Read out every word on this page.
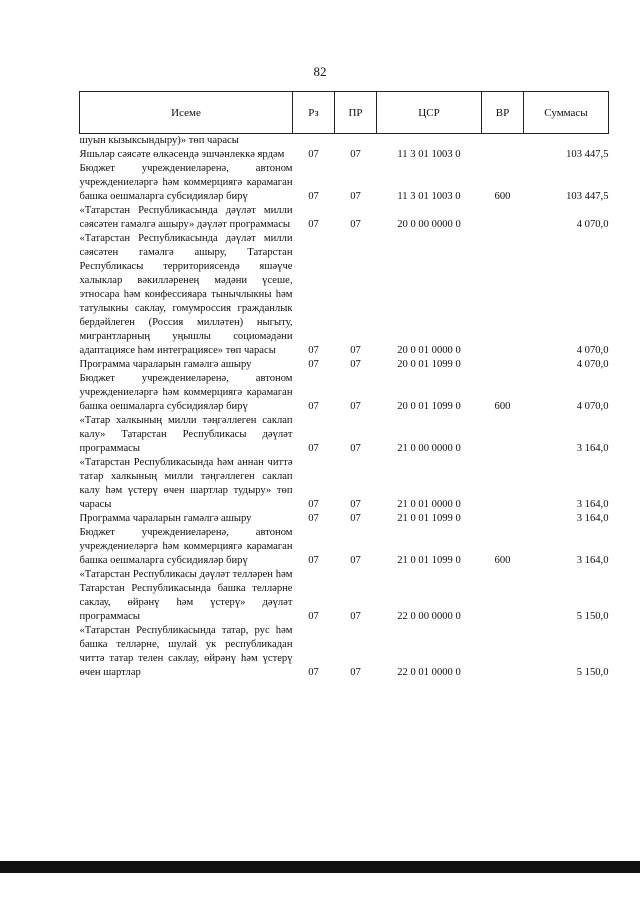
82
Исеме	Рз	ПР	ЦСР	ВР	Суммасы
шуын кызыксындыру)» төп чарасы					
Яшьләр сәясәте өлкәсендә эшчәнлеккә ярдәм	07	07	11 3 01 1003 0		103 447,5
Бюджет учреждениеләренә, автоном учреждениеләргә һәм коммерциягә карамаган башка оешмаларга субсидияләр бирү	07	07	11 3 01 1003 0	600	103 447,5
«Татарстан Республикасында дәүләт милли сәясәтен гамәлгә ашыру» дәүләт программасы	07	07	20 0 00 0000 0		4 070,0
«Татарстан Республикасында дәүләт милли сәясәтен гамәлгә ашыру, Татарстан Республикасы территориясендә яшәүче халыклар вәкилләренең мәдәни үсеше, этносара һәм конфессияара тынычлыкны һәм татулыкны саклау, гомумроссия гражданлык бердәйлеген (Россия милләтен) ныгыту, мигрантларның уңышлы социомәдәни адаптациясе һәм интеграциясе» төп чарасы	07	07	20 0 01 0000 0		4 070,0
Программа чараларын гамәлгә ашыру	07	07	20 0 01 1099 0		4 070,0
Бюджет учреждениеләренә, автоном учреждениеләргә һәм коммерциягә карамаган башка оешмаларга субсидияләр бирү	07	07	20 0 01 1099 0	600	4 070,0
«Татар халкының милли тәңгәллеген саклап калу» Татарстан Республикасы дәүләт программасы	07	07	21 0 00 0000 0		3 164,0
«Татарстан Республикасында һәм аннан читтә татар халкының милли тәңгәллеген саклап калу һәм үстерү өчен шартлар тудыру» төп чарасы	07	07	21 0 01 0000 0		3 164,0
Программа чараларын гамәлгә ашыру	07	07	21 0 01 1099 0		3 164,0
Бюджет учреждениеләренә, автоном учреждениеләргә һәм коммерциягә карамаган башка оешмаларга субсидияләр бирү	07	07	21 0 01 1099 0	600	3 164,0
«Татарстан Республикасы дәүләт телләрен һәм Татарстан Республикасында башка телләрне саклау, өйрәнү һәм үстерү» дәүләт программасы	07	07	22 0 00 0000 0		5 150,0
«Татарстан Республикасында татар, рус һәм башка телләрне, шулай ук республикадан читтә татар телен саклау, өйрәнү һәм үстерү өчен шартлар	07	07	22 0 01 0000 0		5 150,0
